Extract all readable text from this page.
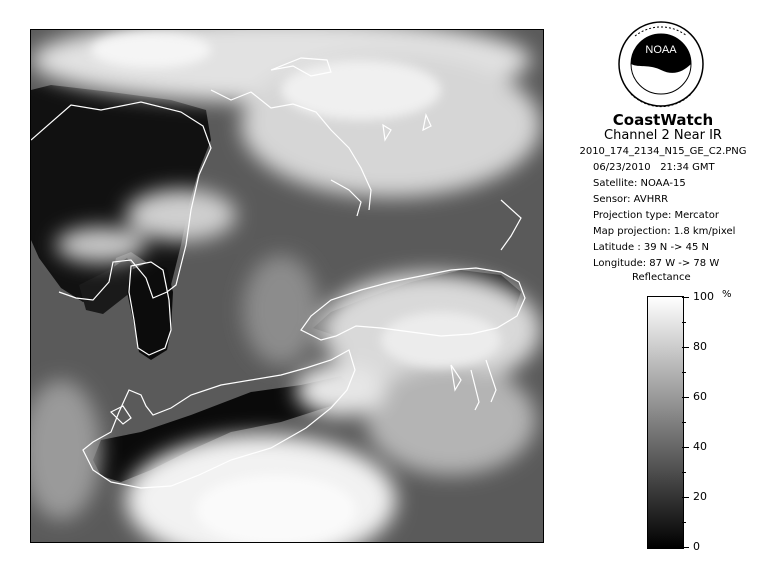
NOAA
CoastWatch
Channel 2 Near IR
2010_174_2134_N15_GE_C2.PNG
06/23/2010 21:34 GMT
Satellite: NOAA-15
Sensor: AVHRR
Projection type: Mercator
Map projection: 1.8 km/pixel
Latitude : 39 N -> 45 N
Longitude: 87 W -> 78 W
Reflectance
%
100
80
60
40
20
0
